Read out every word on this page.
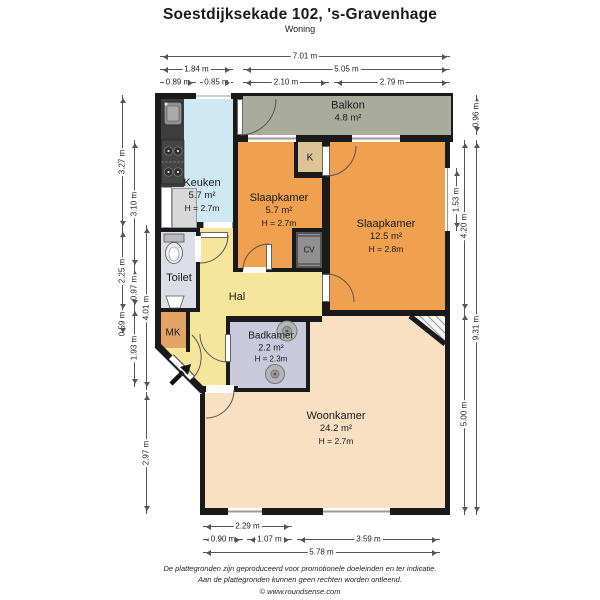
Soestdijksekade 102, 's-Gravenhage
Woning
Balkon
4.8 m²
Keuken
5.7 m²
H = 2.7m
Slaapkamer
5.7 m²
H = 2.7m	Slaapkamer
12.5 m²
H = 2.8m
Toilet
Hal
MK
K
CV
Badkamer
2.2 m²
H = 2.3m
Woonkamer
24.2 m²
H = 2.7m
7.01 m
1.84 m	5.05 m
0.89 m 0.85 m	2.10 m	2.79 m
3.27 m
2.25 m
0.59 m
3.10 m
0.97 m
1.93 m
4.01 m
2.97 m
1.53 m
4.20 m
5.00 m
0.96 m
9.31 m
2.29 m
0.90 m	1.07 m	3.59 m
5.78 m
De plattegronden zijn geproduceerd voor promotionele doeleinden en ter indicatie.
Aan de plattegronden kunnen geen rechten worden ontleend.
© www.roundsense.com
